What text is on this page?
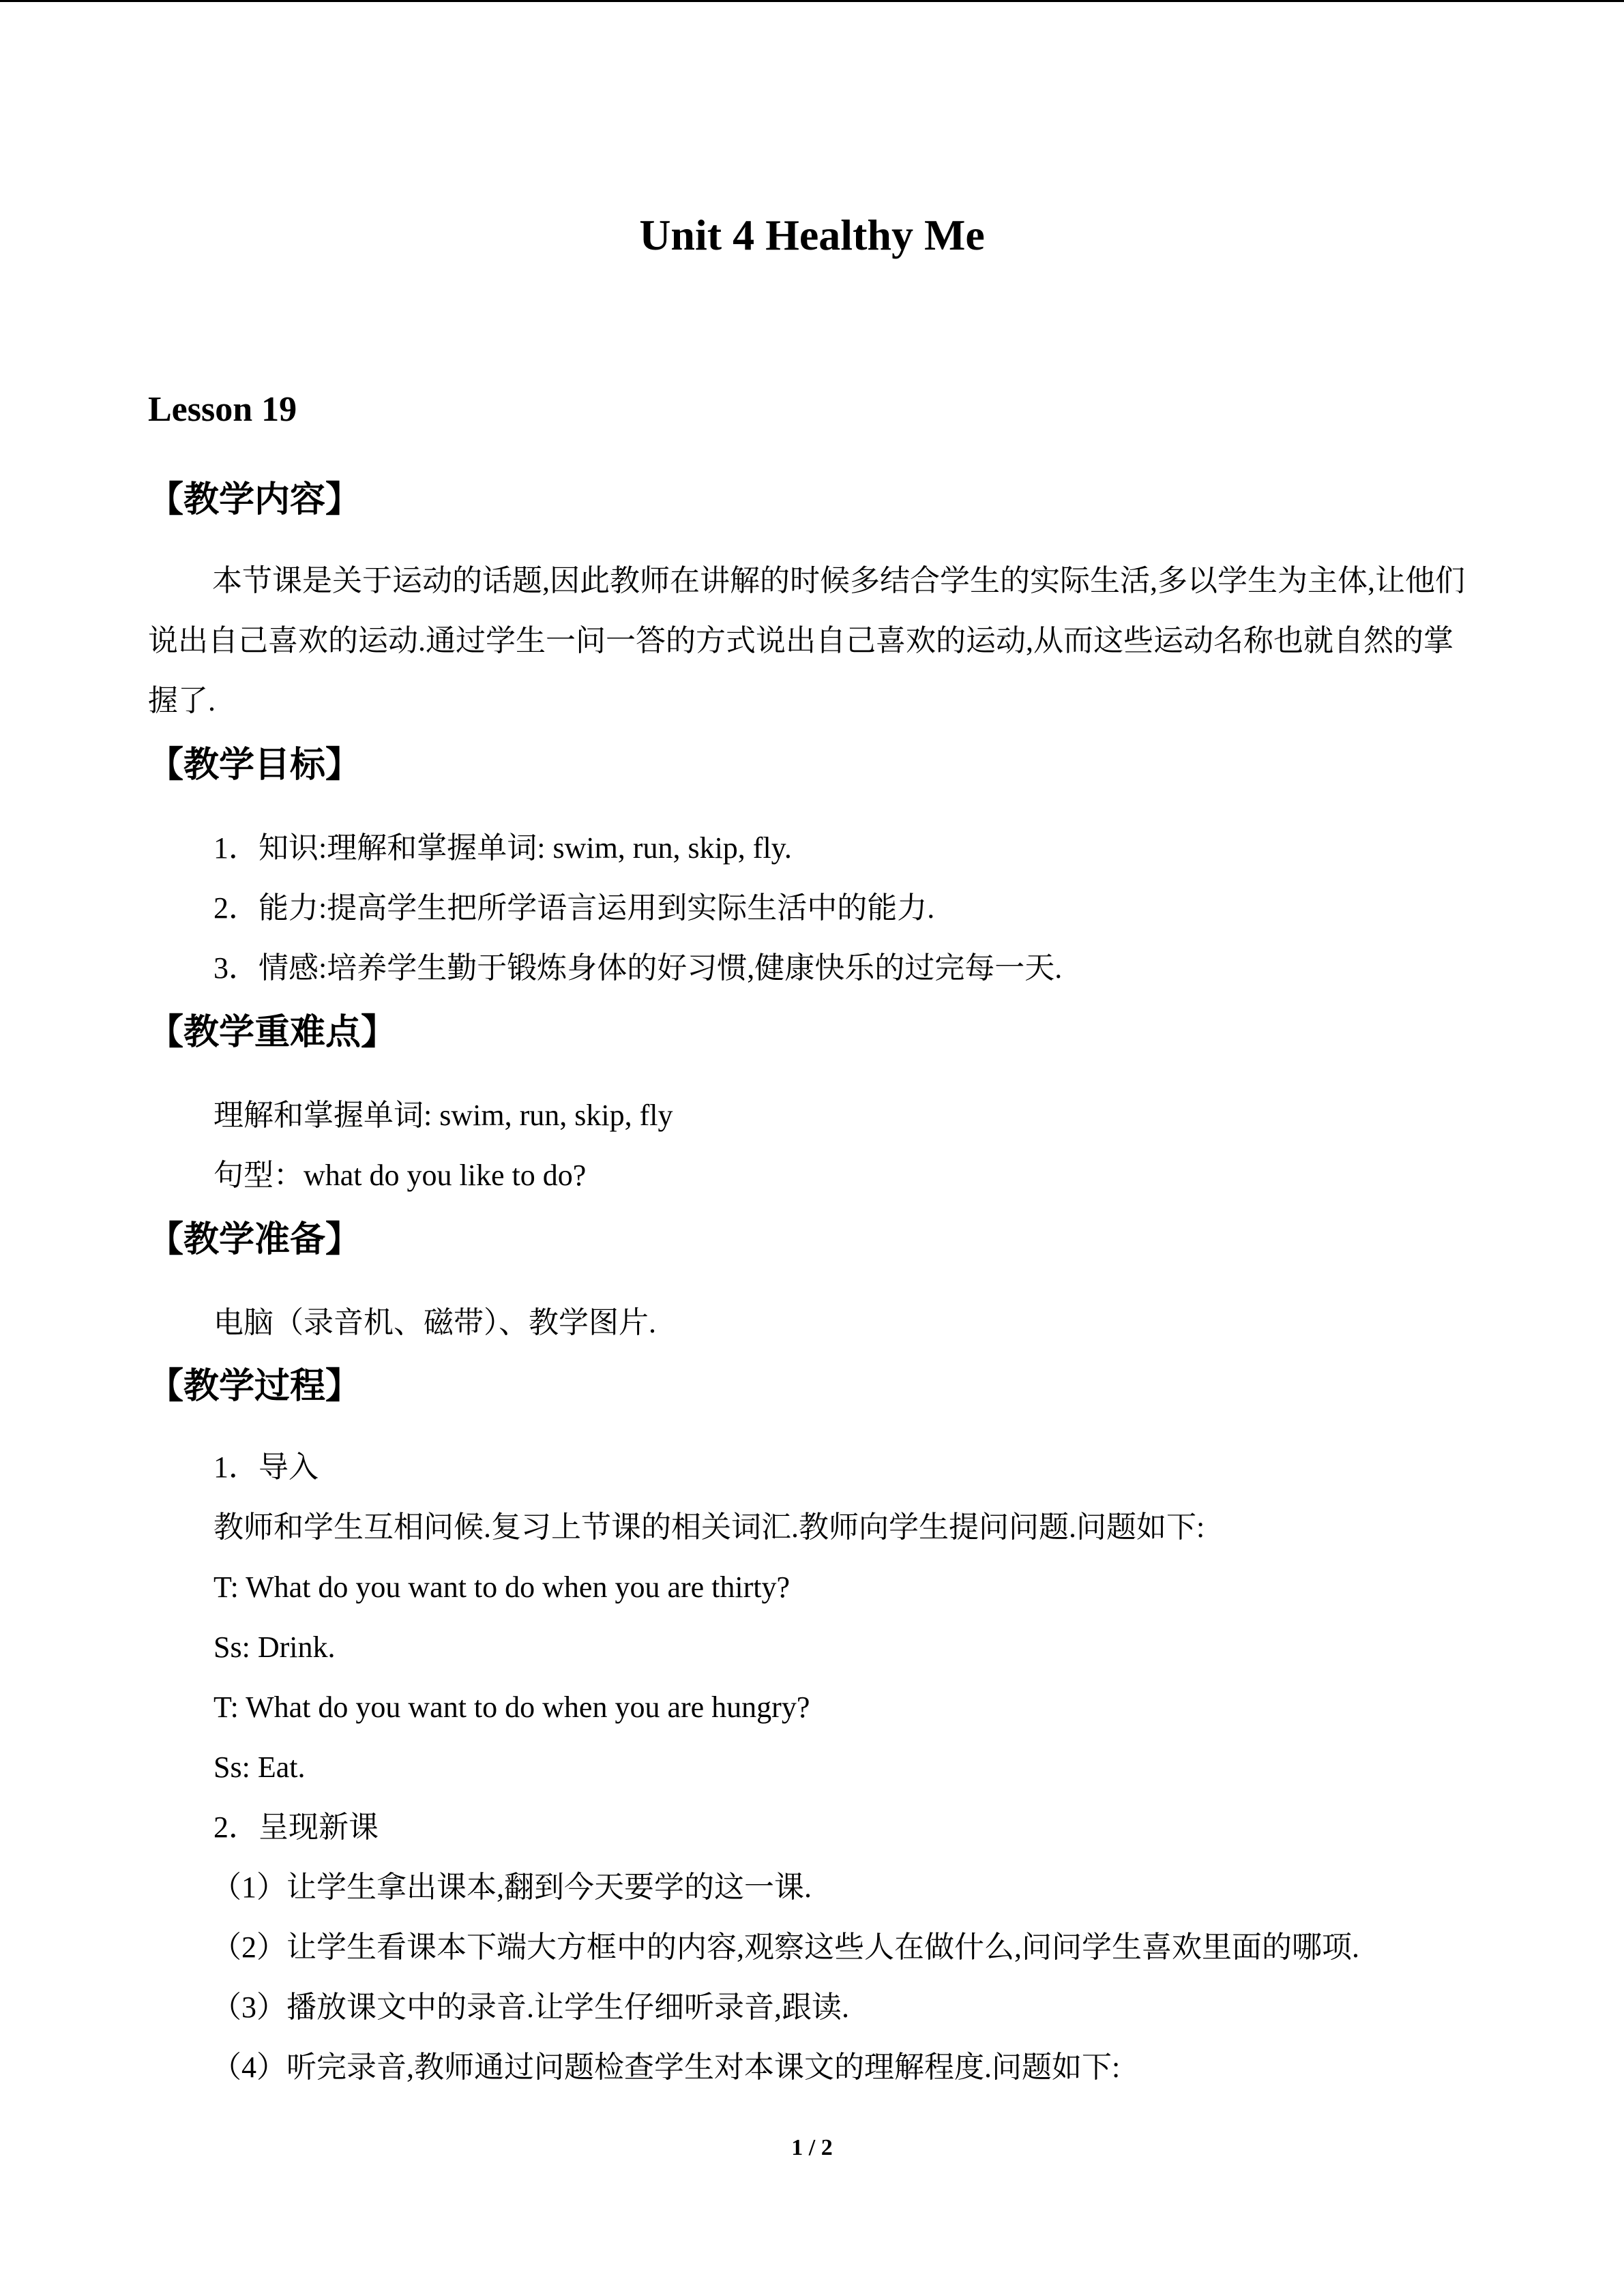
Unit 4 Healthy Me
Lesson 19
【教学内容】
本节课是关于运动的话题,因此教师在讲解的时候多结合学生的实际生活,多以学生为主体,让他们说出自己喜欢的运动.通过学生一问一答的方式说出自己喜欢的运动,从而这些运动名称也就自然的掌握了.
【教学目标】
1．知识:理解和掌握单词: swim, run, skip, fly.
2．能力:提高学生把所学语言运用到实际生活中的能力.
3．情感:培养学生勤于锻炼身体的好习惯,健康快乐的过完每一天.
【教学重难点】
理解和掌握单词: swim, run, skip, fly
句型：what do you like to do?
【教学准备】
电脑（录音机、磁带）、教学图片.
【教学过程】
1．导入
教师和学生互相问候.复习上节课的相关词汇.教师向学生提问问题.问题如下:
T: What do you want to do when you are thirty?
Ss: Drink.
T: What do you want to do when you are hungry?
Ss: Eat.
2．呈现新课
（1）让学生拿出课本,翻到今天要学的这一课.
（2）让学生看课本下端大方框中的内容,观察这些人在做什么,问问学生喜欢里面的哪项.
（3）播放课文中的录音.让学生仔细听录音,跟读.
（4）听完录音,教师通过问题检查学生对本课文的理解程度.问题如下:
1 / 2
